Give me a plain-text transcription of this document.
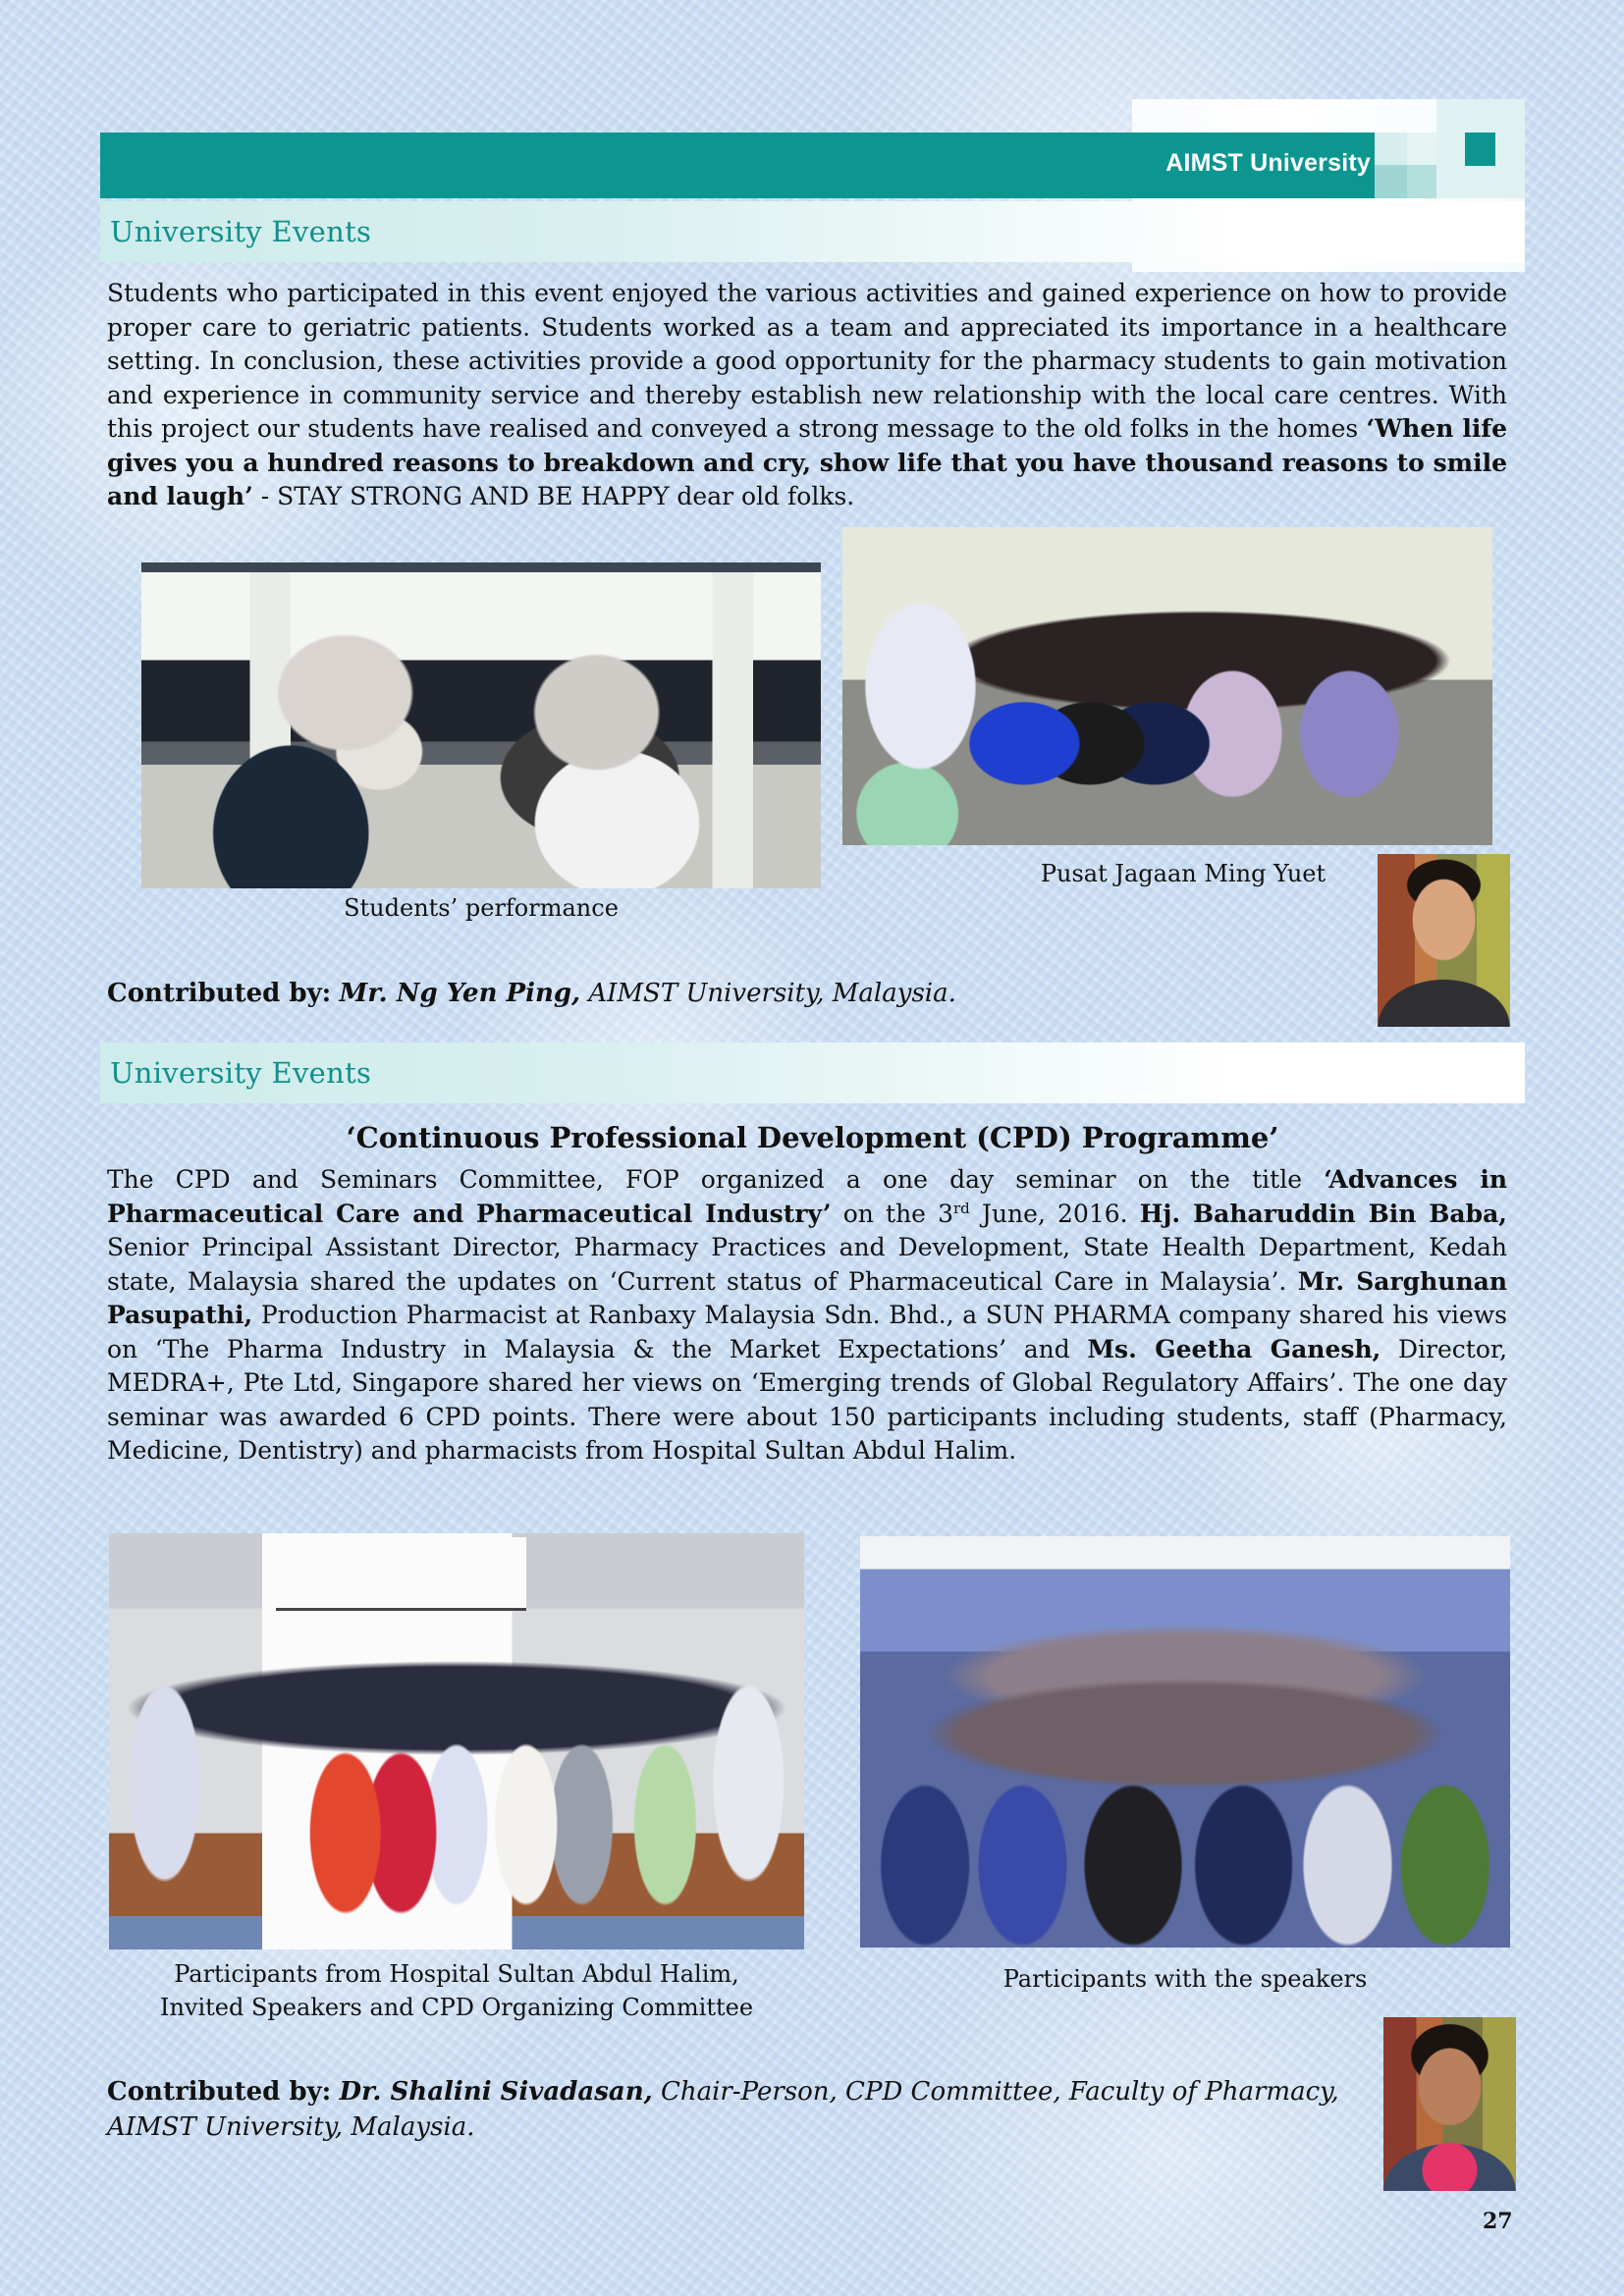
AIMST University
University Events

Students who participated in this event enjoyed the various activities and gained experience on how to provide proper care to geriatric patients. Students worked as a team and appreciated its importance in a healthcare setting. In conclusion, these activities provide a good opportunity for the pharmacy students to gain motivation and experience in community service and thereby establish new relationship with the local care centres. With this project our students have realised and conveyed a strong message to the old folks in the homes ‘When life gives you a hundred reasons to breakdown and cry, show life that you have thousand reasons to smile and laugh’ - STAY STRONG AND BE HAPPY dear old folks.

Students’ performance
Pusat Jagaan Ming Yuet

Contributed by: Mr. Ng Yen Ping, AIMST University, Malaysia.

University Events
‘Continuous Professional Development (CPD) Programme’

The CPD and Seminars Committee, FOP organized a one day seminar on the title ‘Advances in Pharmaceutical Care and Pharmaceutical Industry’ on the 3rd June, 2016. Hj. Baharuddin Bin Baba, Senior Principal Assistant Director, Pharmacy Practices and Development, State Health Department, Kedah state, Malaysia shared the updates on ‘Current status of Pharmaceutical Care in Malaysia’. Mr. Sarghunan Pasupathi, Production Pharmacist at Ranbaxy Malaysia Sdn. Bhd., a SUN PHARMA company shared his views on ‘The Pharma Industry in Malaysia & the Market Expectations’ and Ms. Geetha Ganesh, Director, MEDRA+, Pte Ltd, Singapore shared her views on ‘Emerging trends of Global Regulatory Affairs’. The one day seminar was awarded 6 CPD points. There were about 150 participants including students, staff (Pharmacy, Medicine, Dentistry) and pharmacists from Hospital Sultan Abdul Halim.

Participants from Hospital Sultan Abdul Halim,
Invited Speakers and CPD Organizing Committee
Participants with the speakers

Contributed by: Dr. Shalini Sivadasan, Chair-Person, CPD Committee, Faculty of Pharmacy, AIMST University, Malaysia.

27
